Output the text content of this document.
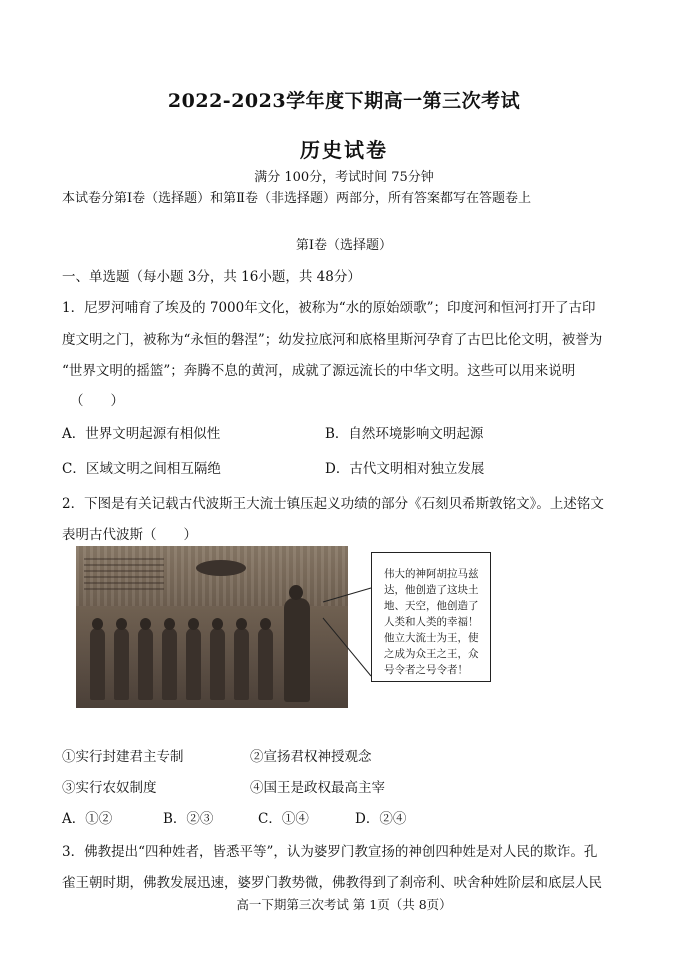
2022-2023学年度下期高一第三次考试
历史试卷
满分 100分，考试时间 75分钟
本试卷分第Ⅰ卷（选择题）和第Ⅱ卷（非选择题）两部分，所有答案都写在答题卷上
第Ⅰ卷（选择题）
一、单选题（每小题 3分，共 16小题，共 48分）
1．尼罗河哺育了埃及的 7000年文化，被称为“水的原始颂歌”；印度河和恒河打开了古印
度文明之门，被称为“永恒的磐涅”；幼发拉底河和底格里斯河孕育了古巴比伦文明，被誉为
“世界文明的摇篮”；奔腾不息的黄河，成就了源远流长的中华文明。这些可以用来说明
（　　）
A．世界文明起源有相似性	B．自然环境影响文明起源
C．区域文明之间相互隔绝	D．古代文明相对独立发展
2．下图是有关记载古代波斯王大流士镇压起义功绩的部分《石刻贝希斯敦铭文》。上述铭文
表明古代波斯（　　）
伟大的神阿胡拉马兹达，他创造了这块土地、天空，他创造了人类和人类的幸福！他立大流士为王，使之成为众王之王，众号令者之号令者！
①实行封建君主专制	②宣扬君权神授观念
③实行农奴制度	④国王是政权最高主宰
A．①②	B．②③	C．①④	D．②④
3．佛教提出“四种姓者，皆悉平等”，认为婆罗门教宣扬的神创四种姓是对人民的欺诈。孔
雀王朝时期，佛教发展迅速，婆罗门教势微，佛教得到了刹帝利、吠舍种姓阶层和底层人民
高一下期第三次考试 第 1页（共 8页）
